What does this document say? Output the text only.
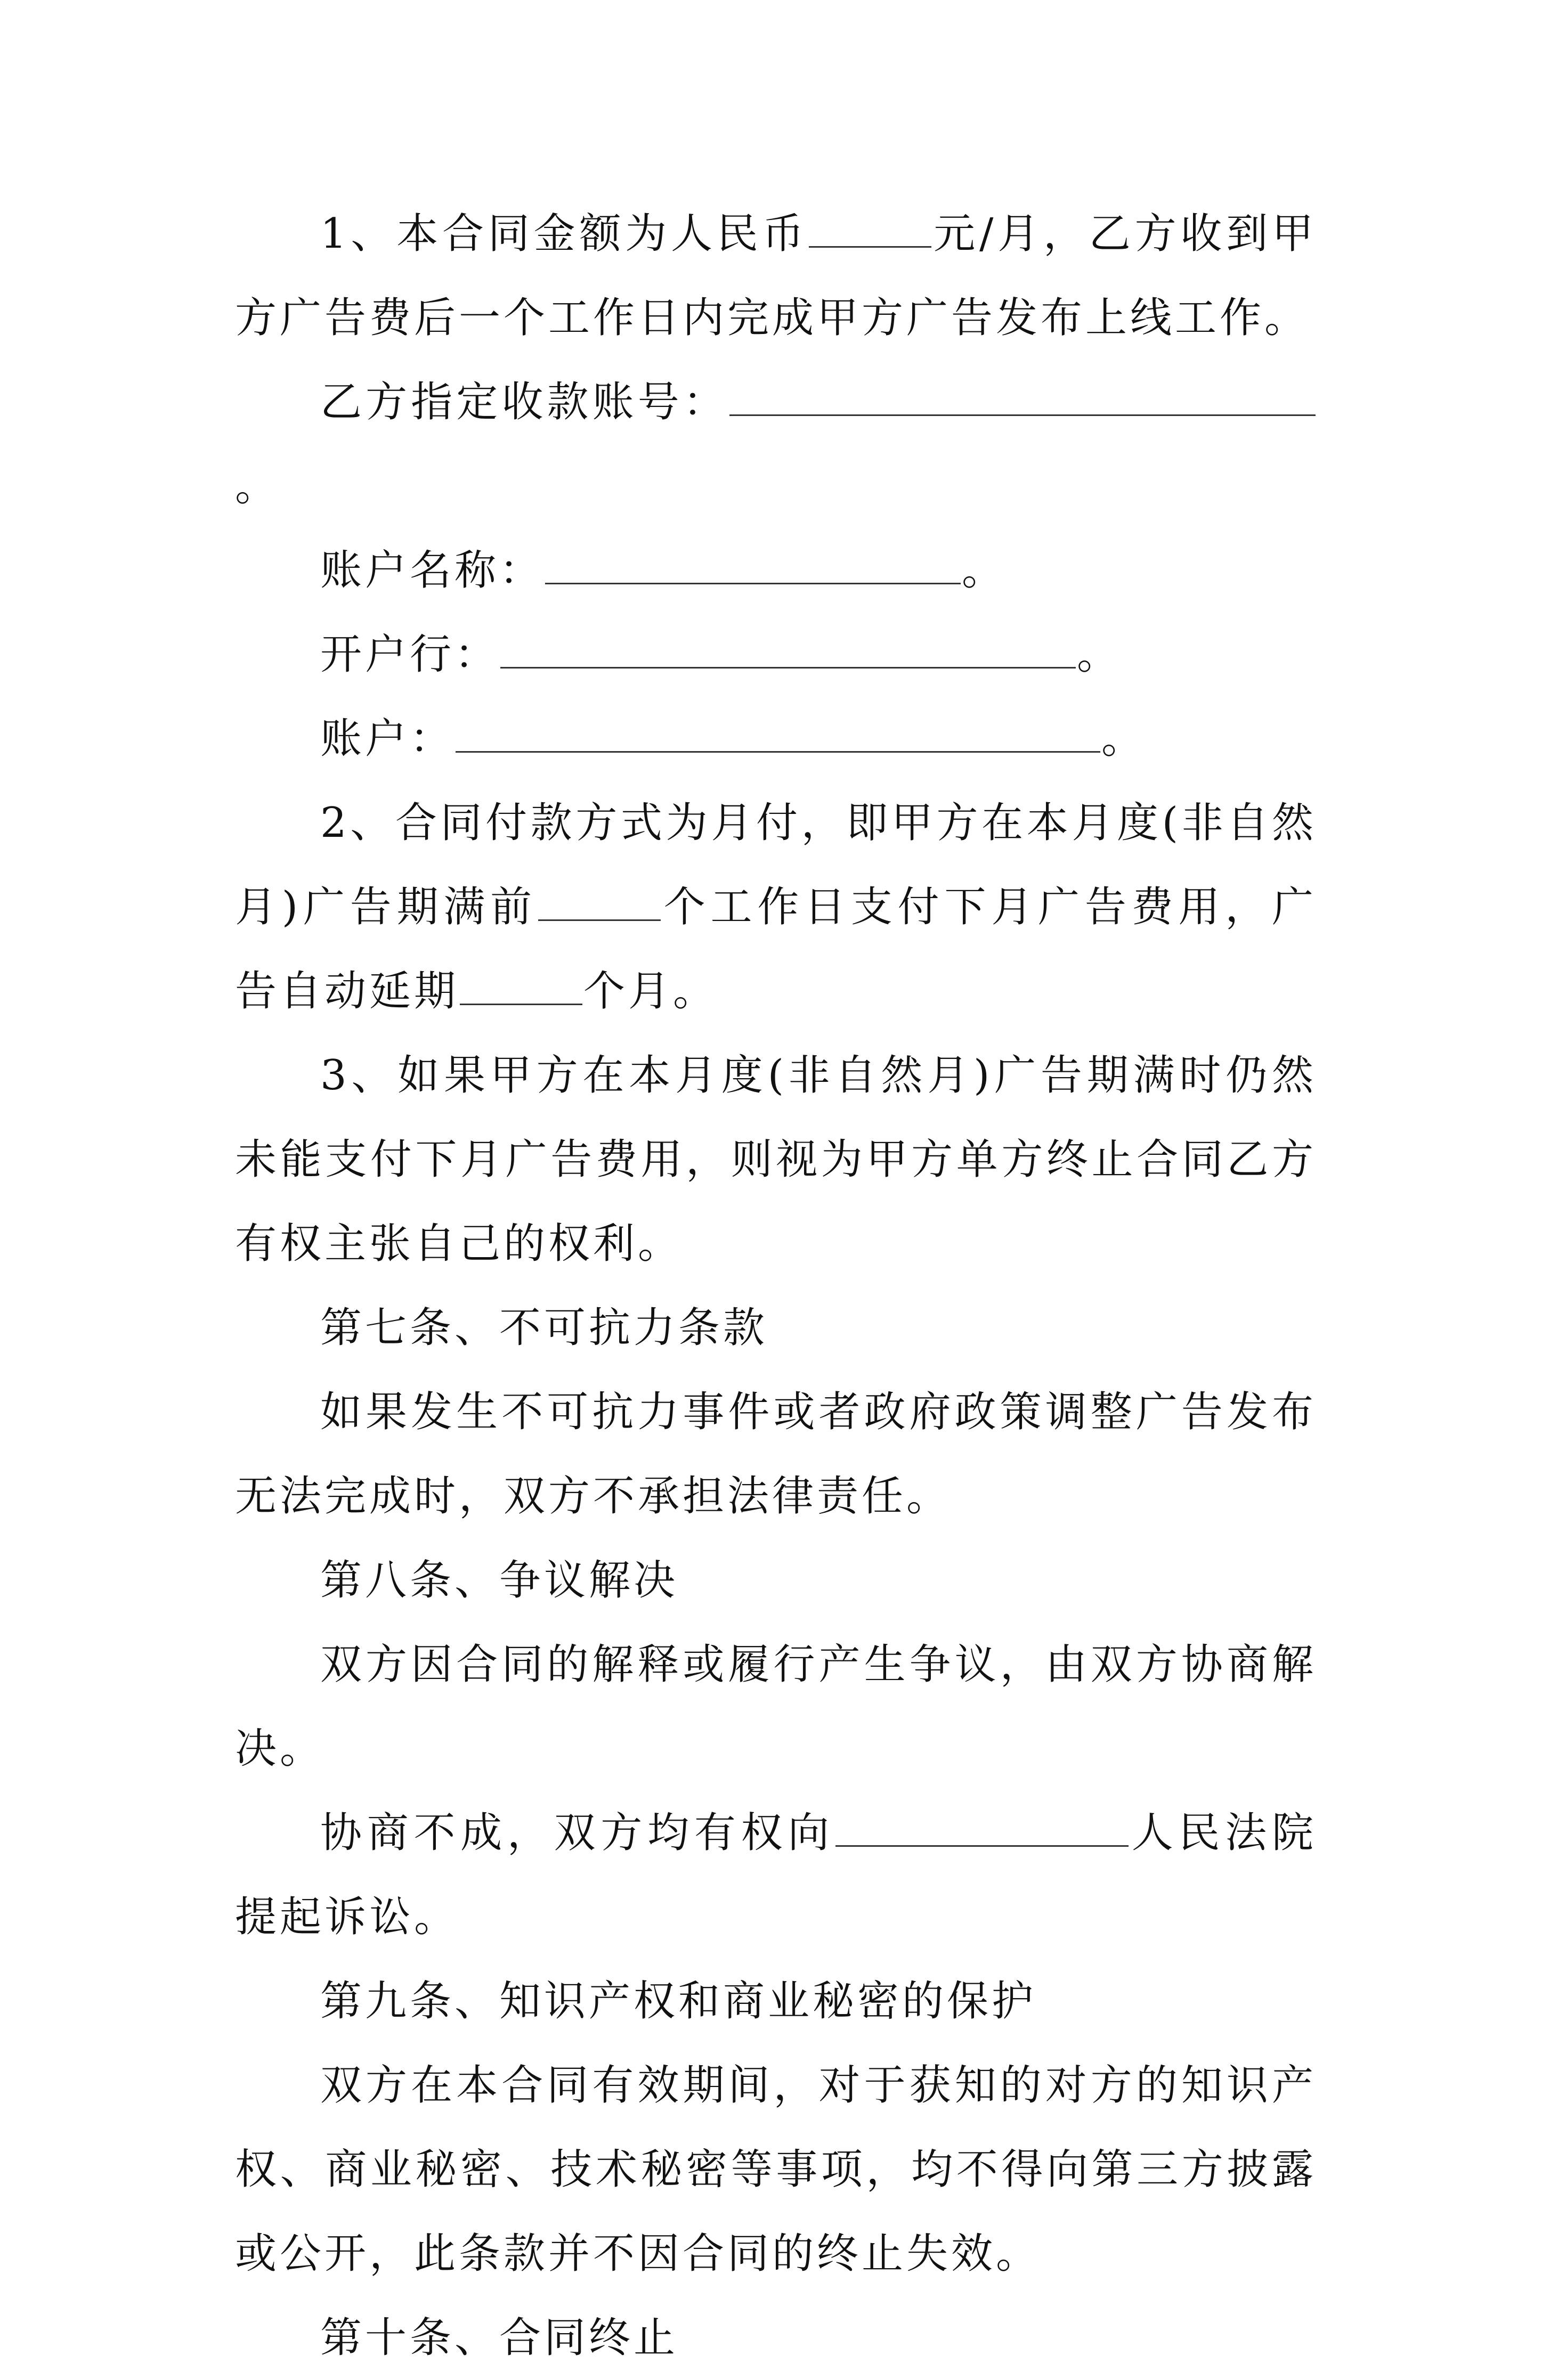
1、本合同金额为人民币	元/月，乙方收到甲方广告费后一个工作日内完成甲方广告发布上线工作。

乙方指定收款账号：。

账户名称：	。

开户行：	。

账户：	。

2、合同付款方式为月付，即甲方在本月度(非自然月)广告期满前	个工作日支付下月广告费用，广告自动延期	个月。

3、如果甲方在本月度(非自然月)广告期满时仍然未能支付下月广告费用，则视为甲方单方终止合同乙方有权主张自己的权利。

第七条、不可抗力条款

如果发生不可抗力事件或者政府政策调整广告发布无法完成时，双方不承担法律责任。

第八条、争议解决

双方因合同的解释或履行产生争议，由双方协商解决。

协商不成，双方均有权向	人民法院提起诉讼。

第九条、知识产权和商业秘密的保护

双方在本合同有效期间，对于获知的对方的知识产权、商业秘密、技术秘密等事项，均不得向第三方披露或公开，此条款并不因合同的终止失效。

第十条、合同终止
